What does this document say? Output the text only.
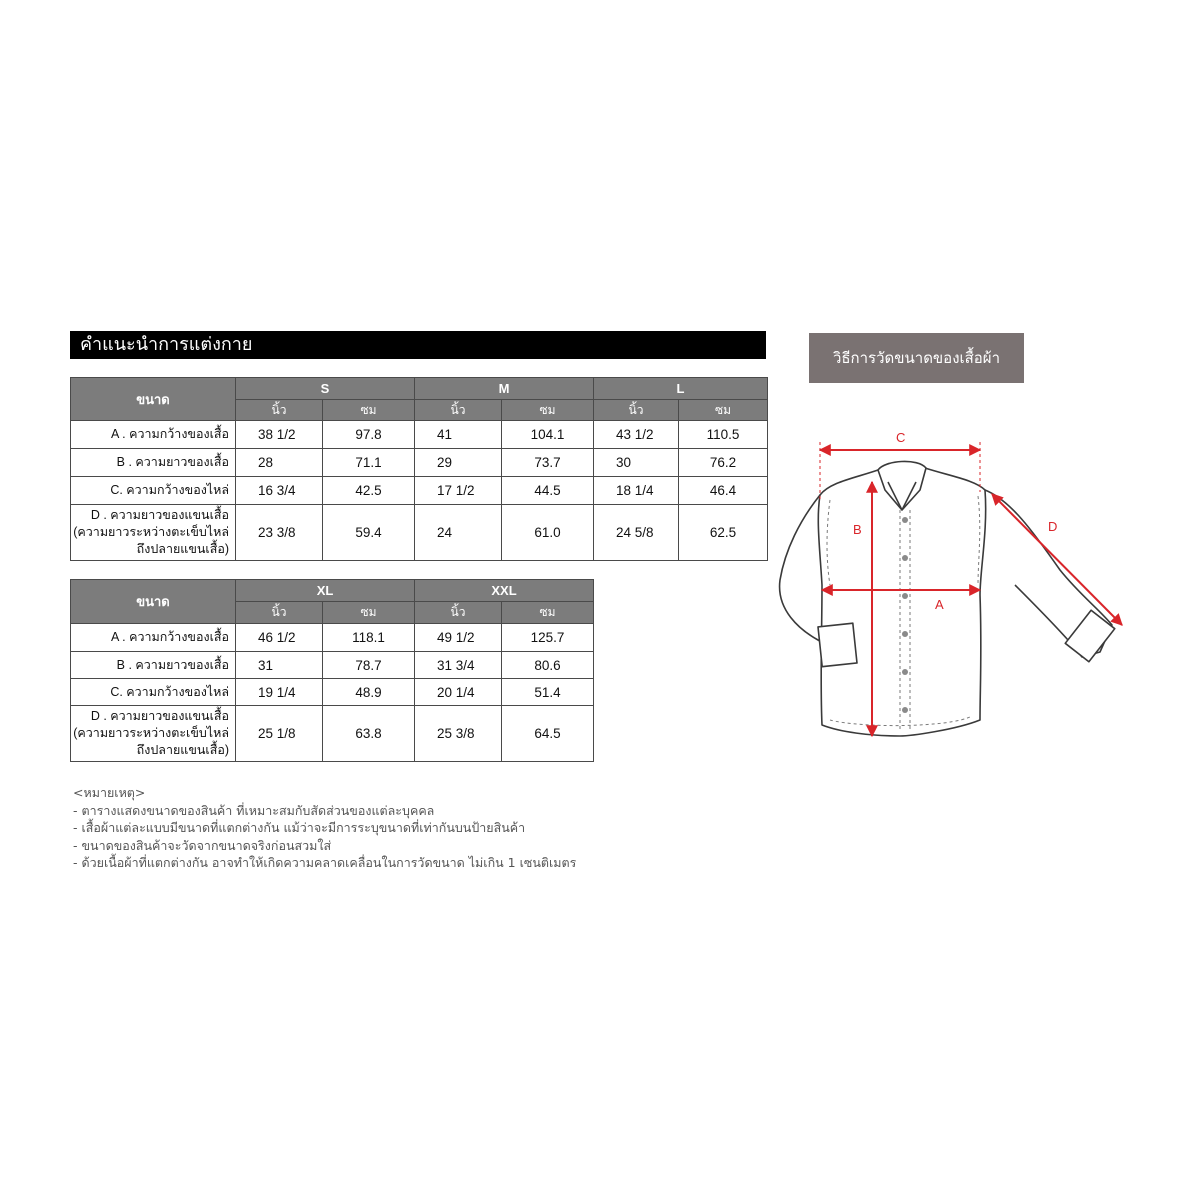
คำแนะนำการแต่งกาย
ขนาด	S		M		L	
	นิ้ว	ซม	นิ้ว	ซม	นิ้ว	ซม
A . ความกว้างของเสื้อ	38 1/2	97.8	41	104.1	43 1/2	110.5
B . ความยาวของเสื้อ	28	71.1	29	73.7	30	76.2
C. ความกว้างของไหล่	16 3/4	42.5	17 1/2	44.5	18 1/4	46.4

D . ความยาวของแขนเสื้อ
(ความยาวระหว่างตะเข็บไหล่
ถึงปลายแขนเสื้อ)	23 3/8	59.4	24	61.0	24 5/8	62.5
ขนาด	XL		XXL	
	นิ้ว	ซม	นิ้ว	ซม
A . ความกว้างของเสื้อ	46 1/2	118.1	49 1/2	125.7
B . ความยาวของเสื้อ	31	78.7	31 3/4	80.6
C. ความกว้างของไหล่	19 1/4	48.9	20 1/4	51.4

D . ความยาวของแขนเสื้อ
(ความยาวระหว่างตะเข็บไหล่
ถึงปลายแขนเสื้อ)	25 1/8	63.8	25 3/8	64.5
<หมายเหตุ>
- ตารางแสดงขนาดของสินค้า ที่เหมาะสมกับสัดส่วนของแต่ละบุคคล
- เสื้อผ้าแต่ละแบบมีขนาดที่แตกต่างกัน แม้ว่าจะมีการระบุขนาดที่เท่ากันบนป้ายสินค้า
- ขนาดของสินค้าจะวัดจากขนาดจริงก่อนสวมใส่
- ด้วยเนื้อผ้าที่แตกต่างกัน อาจทำให้เกิดความคลาดเคลื่อนในการวัดขนาด ไม่เกิน 1 เซนติเมตร
วิธีการวัดขนาดของเสื้อผ้า
C
B
A
D
